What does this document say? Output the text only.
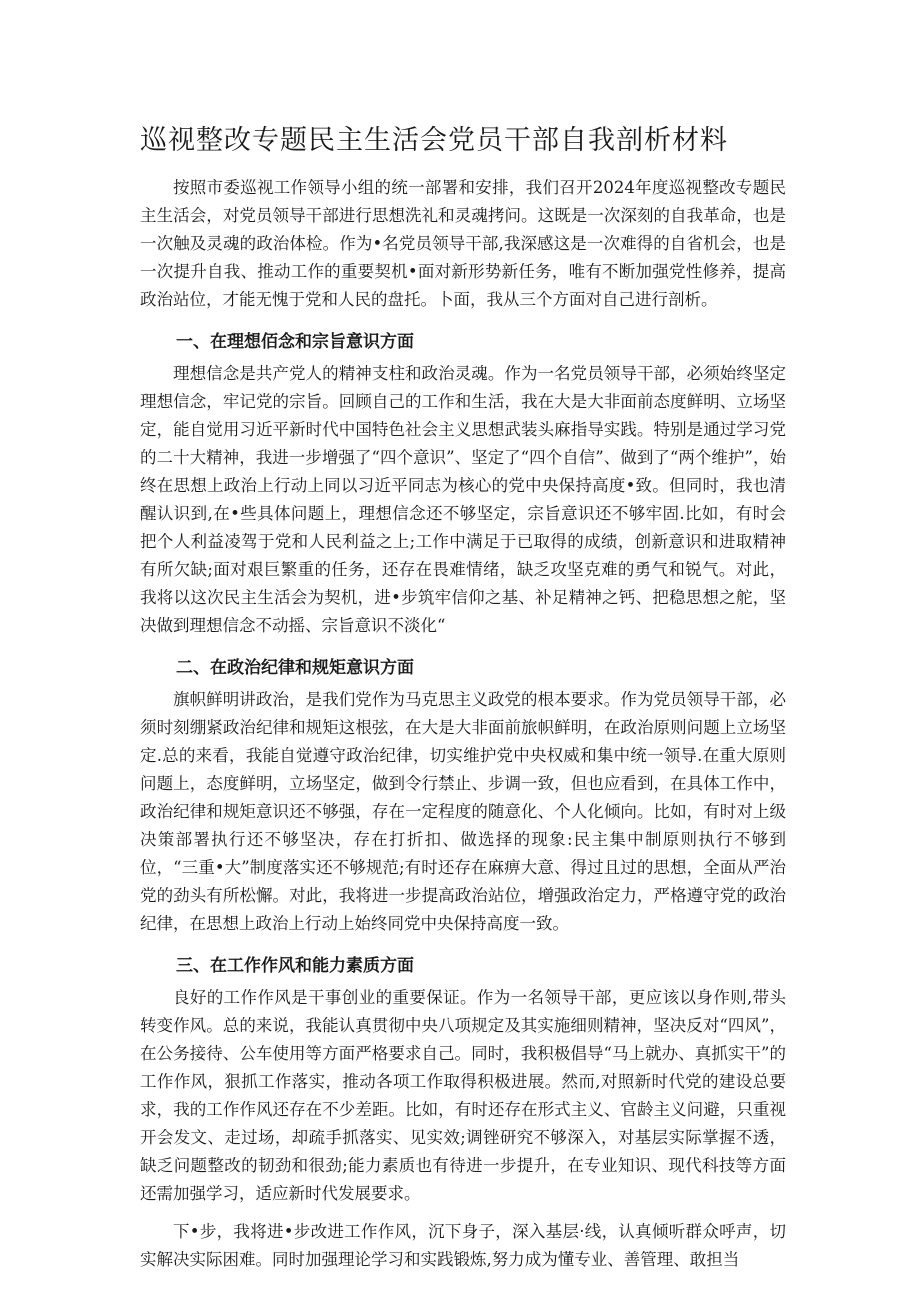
巡视整改专题民主生活会党员干部自我剖析材料

按照市委巡视工作领导小组的统一部署和安排，我们召开2024年度巡视整改专题民主生活会，对党员领导干部进行思想洗礼和灵魂拷问。这既是一次深刻的自我革命，也是一次触及灵魂的政治体检。作为•名党员领导干部,我深感这是一次难得的自省机会，也是一次提升自我、推动工作的重要契机•面对新形势新任务，唯有不断加强党性修养，提高政治站位，才能无愧于党和人民的盘托。卜面，我从三个方面对自己进行剖析。

一、在理想佰念和宗旨意识方面

理想信念是共产党人的精神支柱和政治灵魂。作为一名党员领导干部，必须始终坚定理想信念，牢记党的宗旨。回顾自己的工作和生活，我在大是大非面前态度鲜明、立场坚定，能自觉用习近平新时代中国特色社会主义思想武装头麻指导实践。特别是通过学习党的二十大精神，我进一步增强了“四个意识”、坚定了“四个自信”、做到了“两个维护”，始终在思想上政治上行动上同以习近平同志为核心的党中央保持高度•致。但同时，我也清醒认识到,在•些具体问题上，理想信念还不够坚定，宗旨意识还不够牢固.比如，有时会把个人利益凌驾于党和人民利益之上;工作中满足于已取得的成绩，创新意识和进取精神有所欠缺;面对艰巨繁重的任务，还存在畏难情绪，缺乏攻坚克难的勇气和锐气。对此，我将以这次民主生活会为契机，进•步筑牢信仰之基、补足精神之钙、把稳思想之舵，坚决做到理想信念不动摇、宗旨意识不淡化“

二、在政治纪律和规矩意识方面

旗帜鲜明讲政治，是我们党作为马克思主义政党的根本要求。作为党员领导干部，必须时刻绷紧政治纪律和规矩这根弦，在大是大非面前旅帜鲜明，在政治原则问题上立场坚定.总的来看，我能自觉遵守政治纪律，切实维护党中央权威和集中统一领导.在重大原则问题上，态度鲜明，立场坚定，做到令行禁止、步调一致，但也应看到，在具体工作中，政治纪律和规矩意识还不够强，存在一定程度的随意化、个人化倾向。比如，有时对上级决策部署执行还不够坚决，存在打折扣、做选择的现象:民主集中制原则执行不够到位，“三重•大”制度落实还不够规范;有时还存在麻痹大意、得过且过的思想，全面从严治党的劲头有所松懈。对此，我将进一步提高政治站位，增强政治定力，严格遵守党的政治纪律，在思想上政治上行动上始终同党中央保持高度一致。

三、在工作作风和能力素质方面

良好的工作作风是干事创业的重要保证。作为一名领导干部，更应该以身作则,带头转变作风。总的来说，我能认真贯彻中央八项规定及其实施细则精神，坚决反对“四风”，在公务接待、公车使用等方面严格要求自己。同时，我积极倡导“马上就办、真抓实干”的工作作风，狠抓工作落实，推动各项工作取得积极进展。然而,对照新时代党的建设总要求，我的工作作风还存在不少差距。比如，有时还存在形式主义、官龄主义问避，只重视开会发文、走过场，却疏手抓落实、见实效;调锉研究不够深入，对基层实际掌握不透，缺乏问题整改的韧劲和很劲;能力素质也有待进一步提升，在专业知识、现代科技等方面还需加强学习，适应新时代发展要求。

下•步，我将进•步改进工作作风，沉下身子，深入基层·线，认真倾听群众呼声，切实解决实际困难。同时加强理论学习和实践锻炼,努力成为懂专业、善管理、敢担当
